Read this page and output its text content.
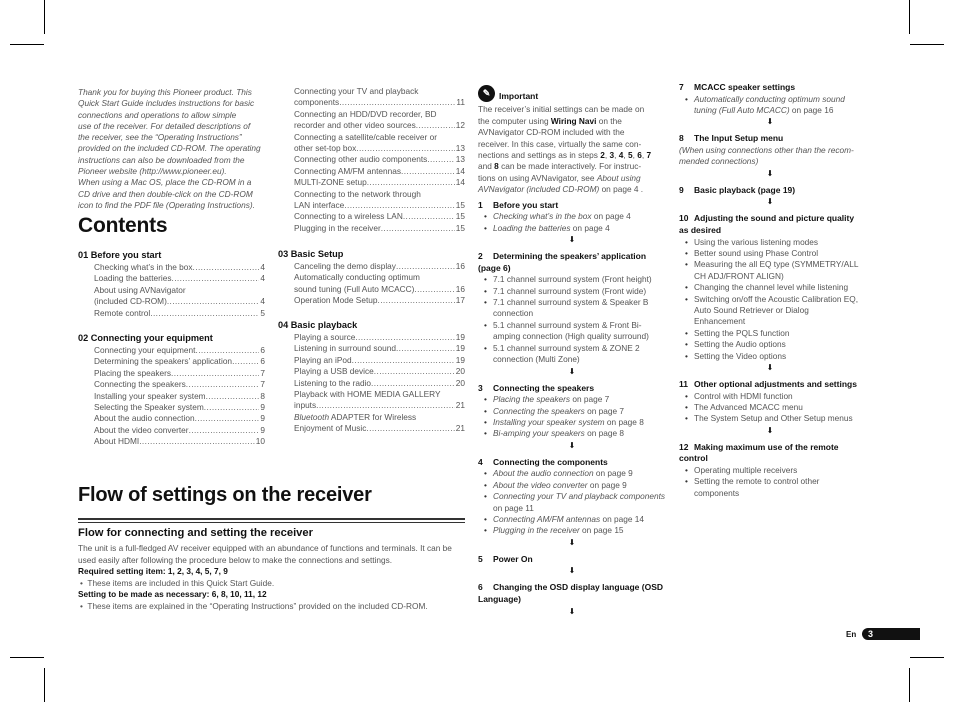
Thank you for buying this Pioneer product. This
Quick Start Guide includes instructions for basic
connections and operations to allow simple
use of the receiver. For detailed descriptions of
the receiver, see the “Operating Instructions”
provided on the included CD-ROM. The operating
instructions can also be downloaded from the
Pioneer website (http://www.pioneer.eu).
When using a Mac OS, place the CD-ROM in a
CD drive and then double-click on the CD-ROM
icon to find the PDF file (Operating Instructions).
Contents
01 Before you start
Checking what’s in the box .....	4
Loading the batteries .....	4
About using AVNavigator
(included CD-ROM) .....	4
Remote control .....	5
02 Connecting your equipment
Connecting your equipment .....	6
Determining the speakers’ application .....	6
Placing the speakers .....	7
Connecting the speakers .....	7
Installing your speaker system .....	8
Selecting the Speaker system .....	9
About the audio connection .....	9
About the video converter .....	9
About HDMI .....	10
Connecting your TV and playback
components .....	11
Connecting an HDD/DVD recorder, BD
recorder and other video sources .....	12
Connecting a satellite/cable receiver or
other set-top box .....	13
Connecting other audio components .....	13
Connecting AM/FM antennas .....	14
MULTI-ZONE setup .....	14
Connecting to the network through
LAN interface .....	15
Connecting to a wireless LAN .....	15
Plugging in the receiver .....	15
03 Basic Setup
Canceling the demo display .....	16
Automatically conducting optimum
sound tuning (Full Auto MCACC) .....	16
Operation Mode Setup .....	17
04 Basic playback
Playing a source .....	19
Listening in surround sound .....	19
Playing an iPod .....	19
Playing a USB device .....	20
Listening to the radio .....	20
Playback with HOME MEDIA GALLERY
inputs .....	21
Bluetooth ADAPTER for Wireless
Enjoyment of Music .....	21
Flow of settings on the receiver
Flow for connecting and setting the receiver
The unit is a full-fledged AV receiver equipped with an abundance of functions and terminals. It can be used easily after following the procedure below to make the connections and settings.
Required setting item: 1, 2, 3, 4, 5, 7, 9
•  These items are included in this Quick Start Guide.
Setting to be made as necessary: 6, 8, 10, 11, 12
•  These items are explained in the “Operating Instructions” provided on the included CD-ROM.
✎	Important
The receiver’s initial settings can be made on the computer using Wiring Navi on the AVNavigator CD-ROM included with the receiver. In this case, virtually the same con- nections and settings as in steps 2, 3, 4, 5, 6, 7 and 8 can be made interactively. For instruc- tions on using AVNavigator, see About using AVNavigator (included CD-ROM) on page 4 .
1 Before you start
• Checking what’s in the box on page 4
• Loading the batteries on page 4
⬇
2 Determining the speakers’ application (page 6)
• 7.1 channel surround system (Front height)
• 7.1 channel surround system (Front wide)
• 7.1 channel surround system & Speaker B connection
• 5.1 channel surround system & Front Bi-amping connection (High quality surround)
• 5.1 channel surround system & ZONE 2 connection (Multi Zone)
⬇
3 Connecting the speakers
• Placing the speakers on page 7
• Connecting the speakers on page 7
• Installing your speaker system on page 8
• Bi-amping your speakers on page 8
⬇
4 Connecting the components
• About the audio connection on page 9
• About the video converter on page 9
• Connecting your TV and playback components on page 11
• Connecting AM/FM antennas on page 14
• Plugging in the receiver on page 15
⬇
5 Power On
⬇
6 Changing the OSD display language (OSD Language)
⬇
7 MCACC speaker settings
• Automatically conducting optimum sound tuning (Full Auto MCACC) on page 16
⬇
8 The Input Setup menu
(When using connections other than the recom- mended connections)
⬇
9 Basic playback (page 19)
⬇
10 Adjusting the sound and picture quality as desired
• Using the various listening modes
• Better sound using Phase Control
• Measuring the all EQ type (SYMMETRY/ALL CH ADJ/FRONT ALIGN)
• Changing the channel level while listening
• Switching on/off the Acoustic Calibration EQ, Auto Sound Retriever or Dialog Enhancement
• Setting the PQLS function
• Setting the Audio options
• Setting the Video options
⬇
11 Other optional adjustments and settings
• Control with HDMI function
• The Advanced MCACC menu
• The System Setup and Other Setup menus
⬇
12 Making maximum use of the remote control
• Operating multiple receivers
• Setting the remote to control other components
En 3
